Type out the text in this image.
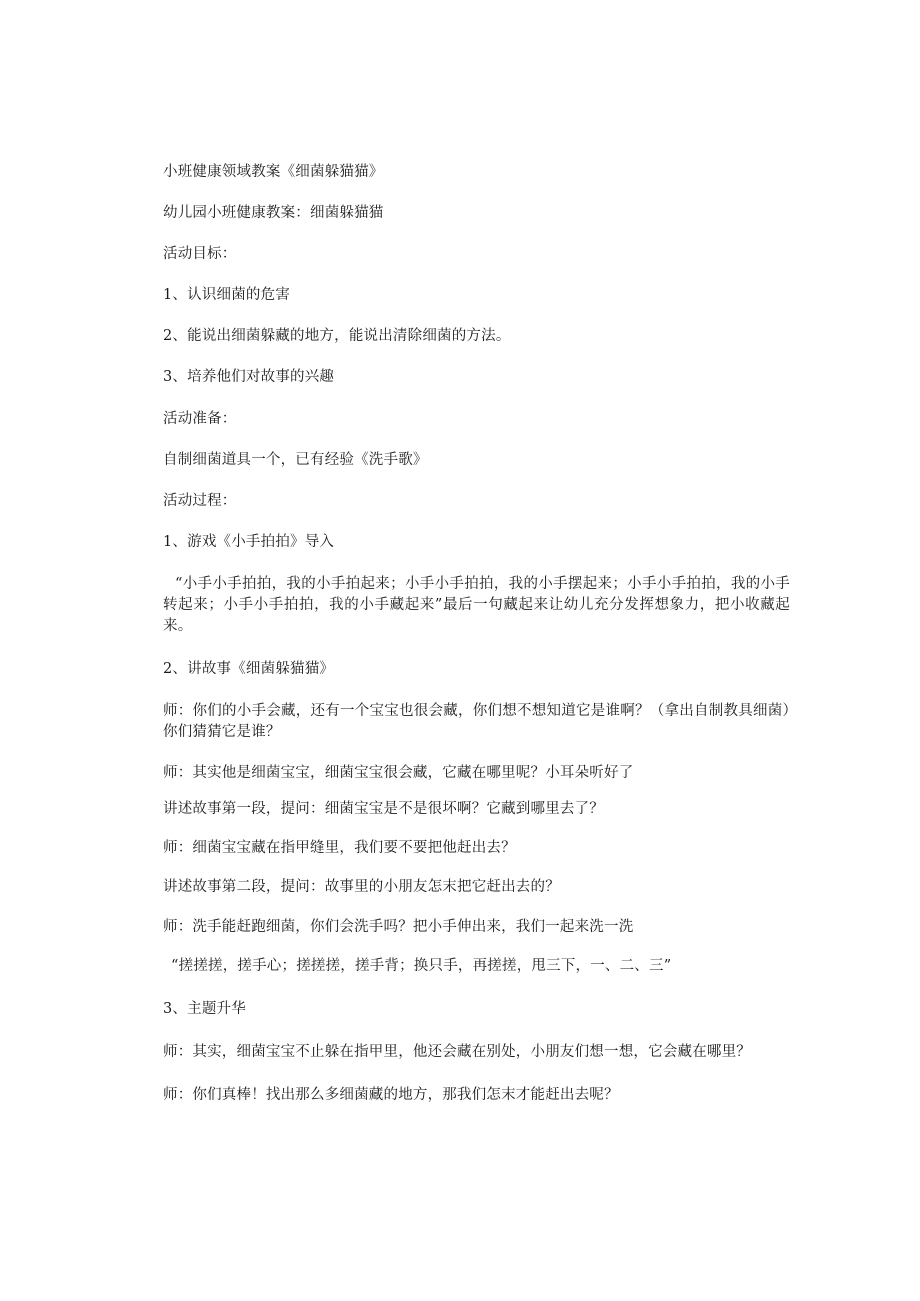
小班健康领域教案《细菌躲猫猫》
幼儿园小班健康教案：细菌躲猫猫
活动目标：
1、认识细菌的危害
2、能说出细菌躲藏的地方，能说出清除细菌的方法。
3、培养他们对故事的兴趣
活动准备：
自制细菌道具一个，已有经验《洗手歌》
活动过程：
1、游戏《小手拍拍》导入
“小手小手拍拍，我的小手拍起来；小手小手拍拍，我的小手摆起来；小手小手拍拍，我的小手转起来；小手小手拍拍，我的小手藏起来”最后一句藏起来让幼儿充分发挥想象力，把小收藏起来。
2、讲故事《细菌躲猫猫》
师：你们的小手会藏，还有一个宝宝也很会藏，你们想不想知道它是谁啊？（拿出自制教具细菌）你们猜猜它是谁？
师：其实他是细菌宝宝，细菌宝宝很会藏，它藏在哪里呢？小耳朵听好了
讲述故事第一段，提问：细菌宝宝是不是很坏啊？它藏到哪里去了？
师：细菌宝宝藏在指甲缝里，我们要不要把他赶出去？
讲述故事第二段，提问：故事里的小朋友怎末把它赶出去的？
师：洗手能赶跑细菌，你们会洗手吗？把小手伸出来，我们一起来洗一洗
“搓搓搓，搓手心；搓搓搓，搓手背；换只手，再搓搓，甩三下，一、二、三”
3、主题升华
师：其实，细菌宝宝不止躲在指甲里，他还会藏在别处，小朋友们想一想，它会藏在哪里？
师：你们真棒！找出那么多细菌藏的地方，那我们怎末才能赶出去呢？
